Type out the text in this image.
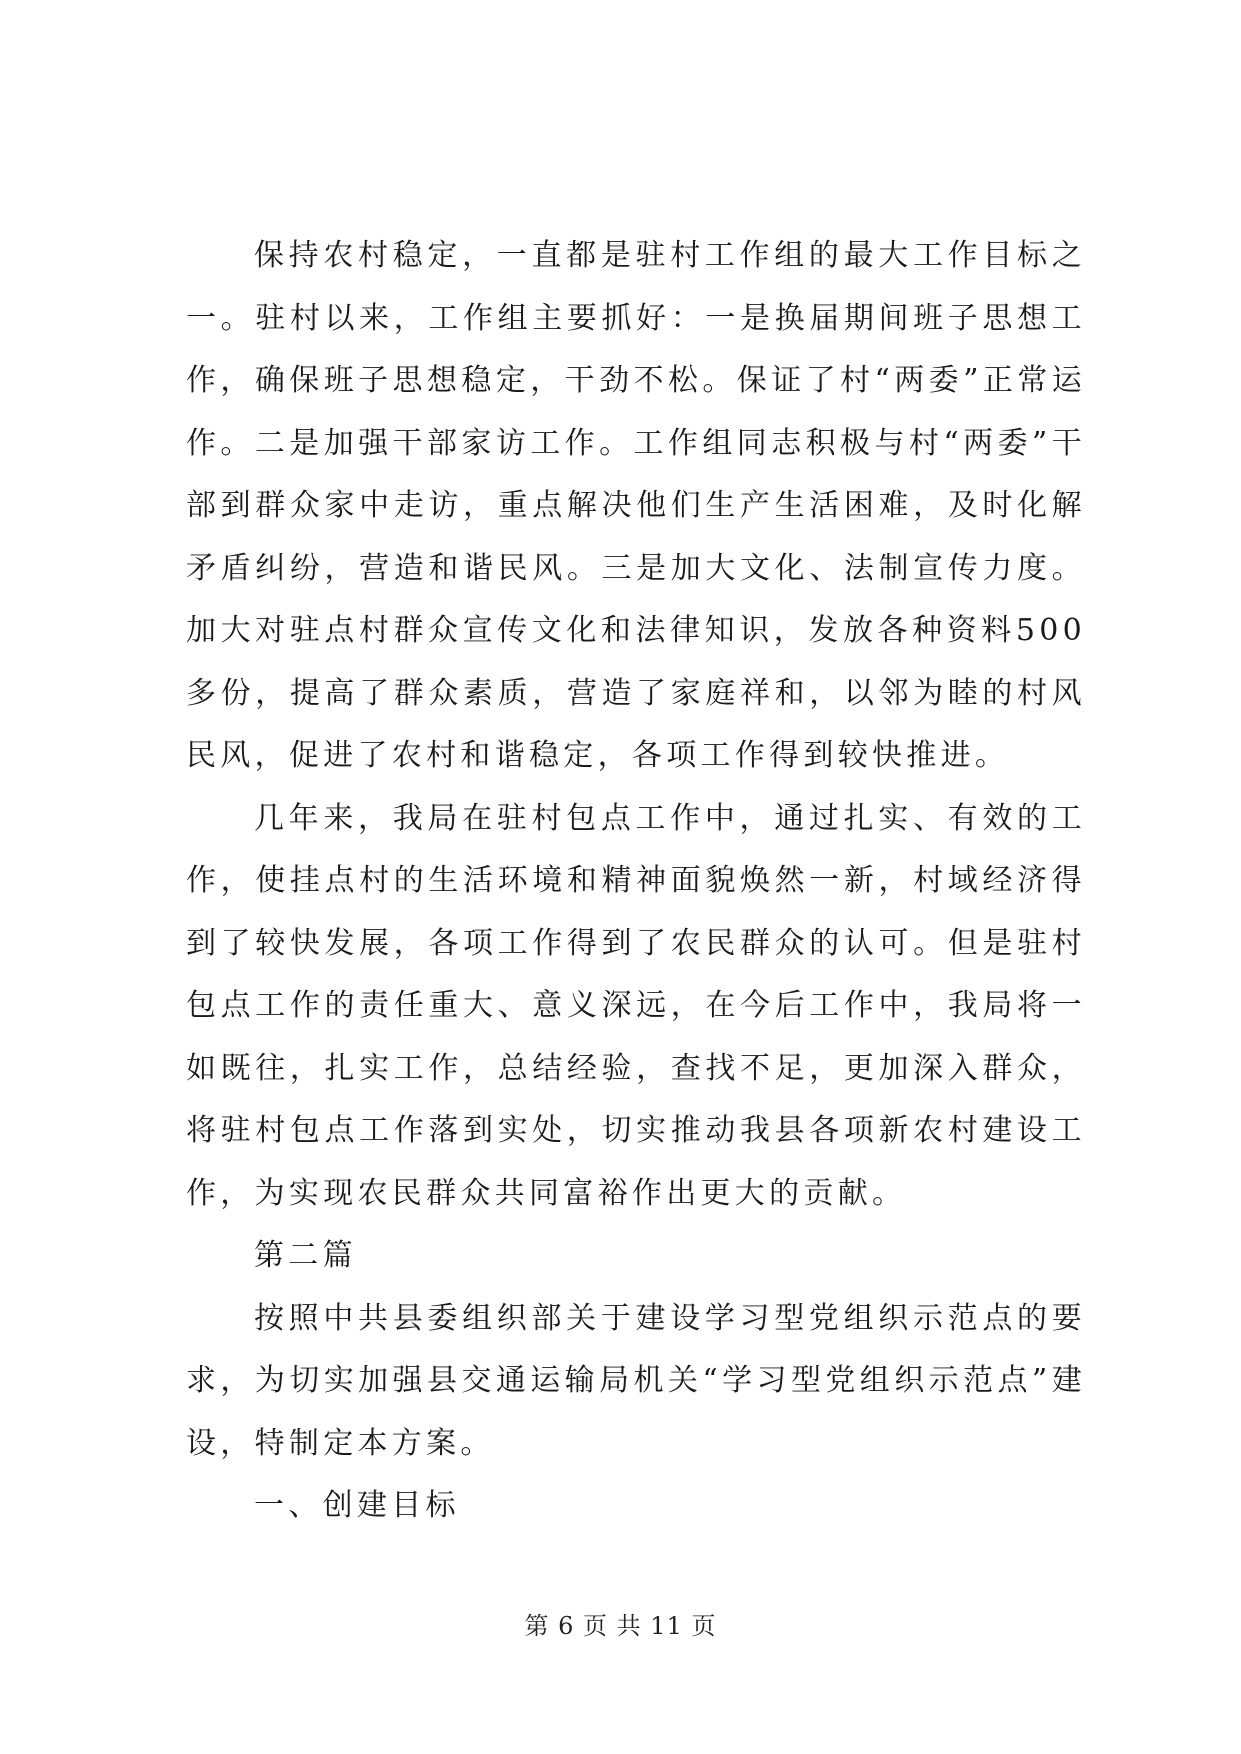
保持农村稳定，一直都是驻村工作组的最大工作目标之一。驻村以来，工作组主要抓好：一是换届期间班子思想工作，确保班子思想稳定，干劲不松。保证了村“两委”正常运作。二是加强干部家访工作。工作组同志积极与村“两委”干部到群众家中走访，重点解决他们生产生活困难，及时化解矛盾纠纷，营造和谐民风。三是加大文化、法制宣传力度。加大对驻点村群众宣传文化和法律知识，发放各种资料500多份，提高了群众素质，营造了家庭祥和，以邻为睦的村风民风，促进了农村和谐稳定，各项工作得到较快推进。

几年来，我局在驻村包点工作中，通过扎实、有效的工作，使挂点村的生活环境和精神面貌焕然一新，村域经济得到了较快发展，各项工作得到了农民群众的认可。但是驻村包点工作的责任重大、意义深远，在今后工作中，我局将一如既往，扎实工作，总结经验，查找不足，更加深入群众，将驻村包点工作落到实处，切实推动我县各项新农村建设工作，为实现农民群众共同富裕作出更大的贡献。

第二篇

按照中共县委组织部关于建设学习型党组织示范点的要求，为切实加强县交通运输局机关“学习型党组织示范点”建设，特制定本方案。

一、创建目标

第 6 页 共 11 页
